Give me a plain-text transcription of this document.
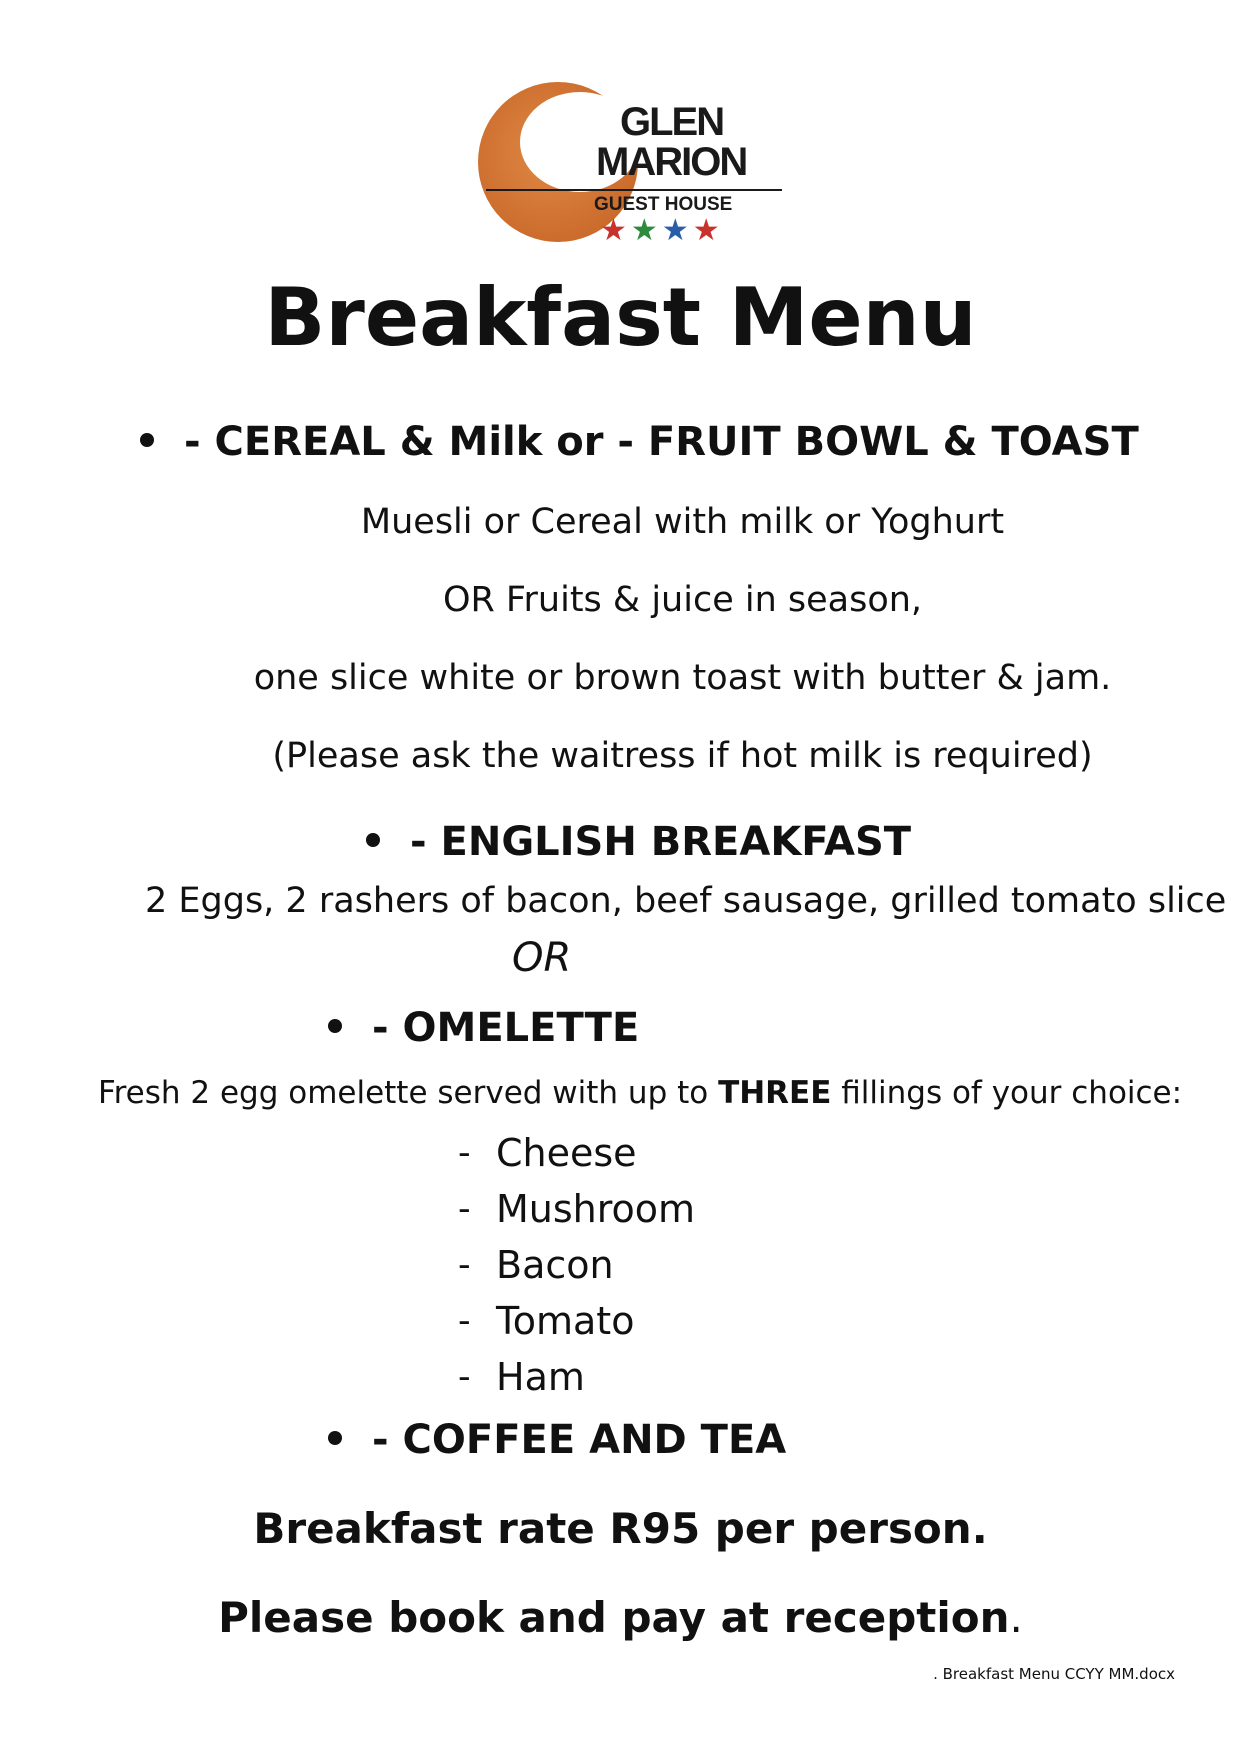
GLEN
MARION
GUEST HOUSE
★★★★
Breakfast Menu
- CEREAL & Milk or - FRUIT BOWL & TOAST
Muesli or Cereal with milk or Yoghurt
OR Fruits & juice in season,
one slice white or brown toast with butter & jam.
(Please ask the waitress if hot milk is required)
- ENGLISH BREAKFAST
2 Eggs, 2 rashers of bacon, beef sausage, grilled tomato slice
OR
- OMELETTE
Fresh 2 egg omelette served with up to THREE fillings of your choice:
- Cheese
- Mushroom
- Bacon
- Tomato
- Ham
- COFFEE AND TEA
Breakfast rate R95 per person.
Please book and pay at reception.
. Breakfast Menu CCYY MM.docx
